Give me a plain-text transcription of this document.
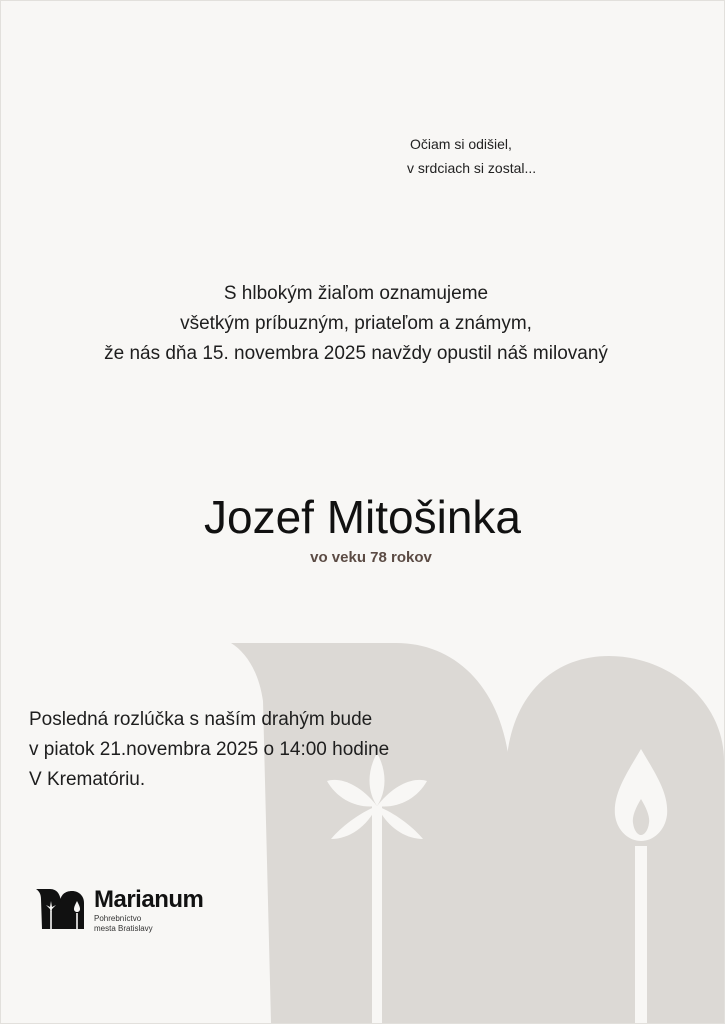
Očiam si odišiel,
v srdciach si zostal...
S hlbokým žiaľom oznamujeme
všetkým príbuzným, priateľom a známym,
že nás dňa 15. novembra 2025 navždy opustil náš milovaný
Jozef Mitošinka
vo veku 78 rokov
Posledná rozlúčka s naším drahým bude
v piatok 21.novembra 2025 o 14:00 hodine
V Krematóriu.
Marianum
Pohrebníctvo
mesta Bratislavy
